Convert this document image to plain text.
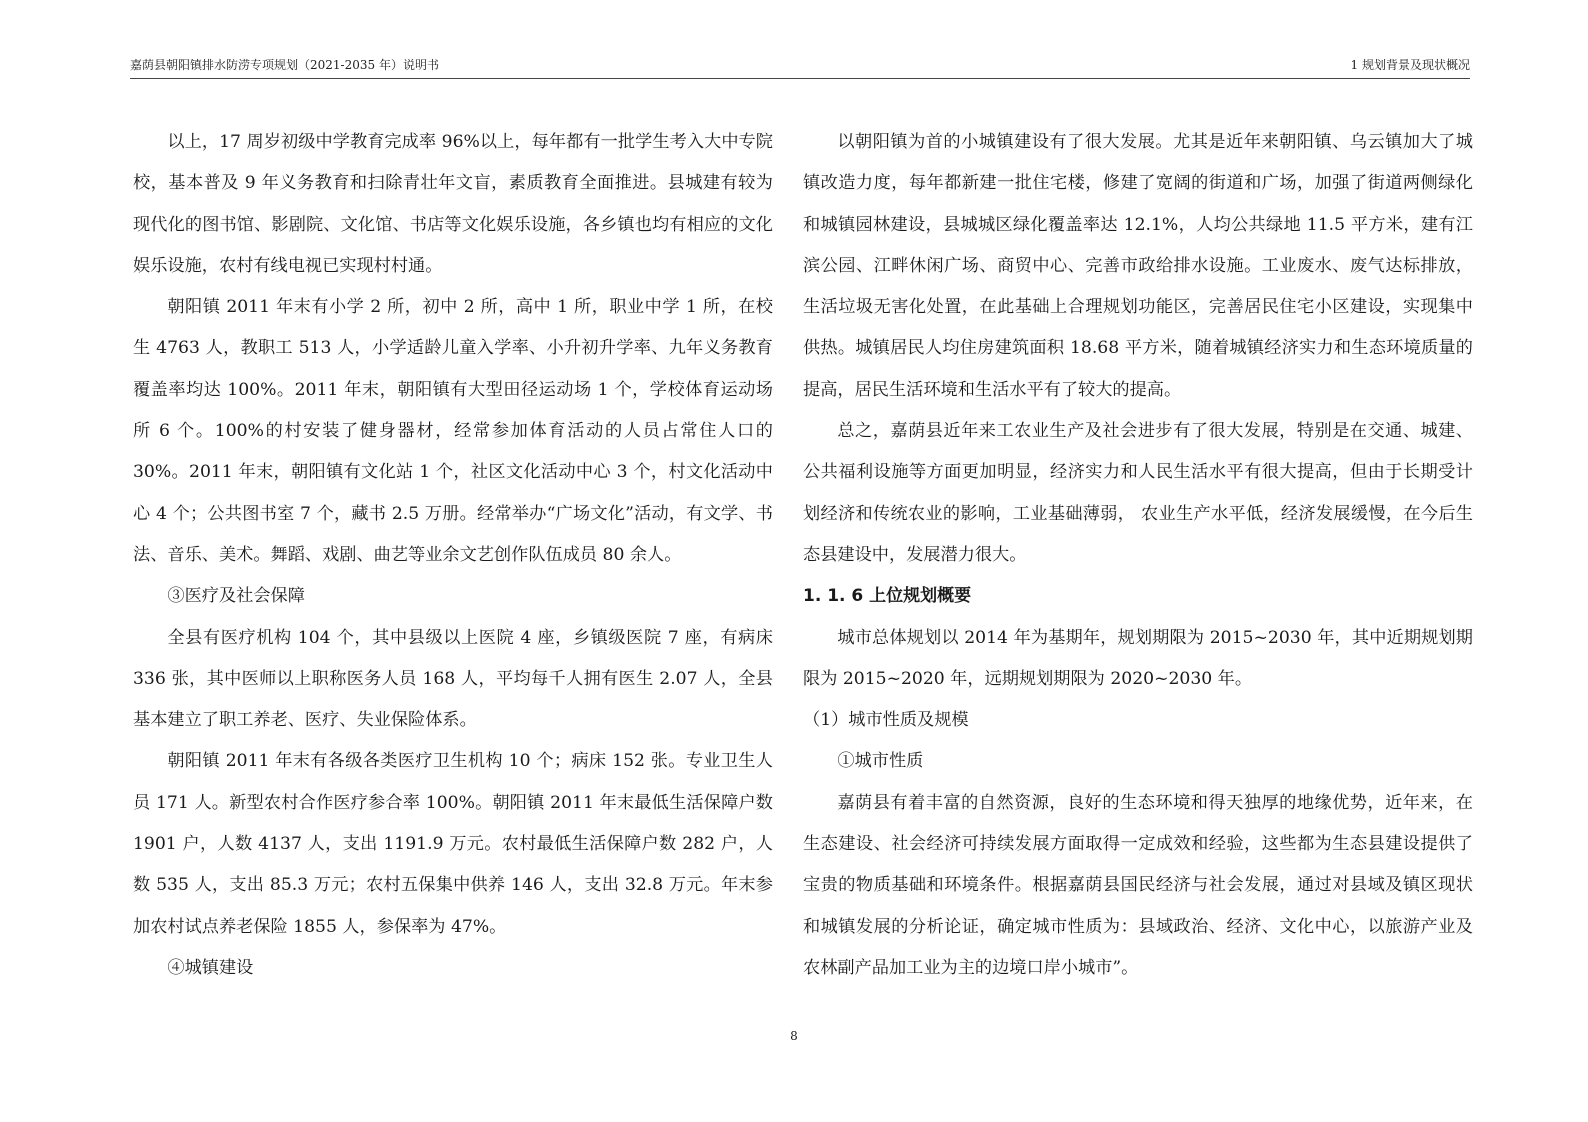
嘉荫县朝阳镇排水防涝专项规划（2021-2035 年）说明书	1 规划背景及现状概况

以上，17 周岁初级中学教育完成率 96%以上，每年都有一批学生考入大中专院校，基本普及 9 年义务教育和扫除青壮年文盲，素质教育全面推进。县城建有较为现代化的图书馆、影剧院、文化馆、书店等文化娱乐设施，各乡镇也均有相应的文化娱乐设施，农村有线电视已实现村村通。

朝阳镇 2011 年末有小学 2 所，初中 2 所，高中 1 所，职业中学 1 所，在校生 4763 人，教职工 513 人，小学适龄儿童入学率、小升初升学率、九年义务教育覆盖率均达 100%。2011 年末，朝阳镇有大型田径运动场 1 个，学校体育运动场所 6 个。100%的村安装了健身器材，经常参加体育活动的人员占常住人口的 30%。2011 年末，朝阳镇有文化站 1 个，社区文化活动中心 3 个，村文化活动中心 4 个；公共图书室 7 个，藏书 2.5 万册。经常举办“广场文化”活动，有文学、书法、音乐、美术。舞蹈、戏剧、曲艺等业余文艺创作队伍成员 80 余人。

③医疗及社会保障

全县有医疗机构 104 个，其中县级以上医院 4 座，乡镇级医院 7 座，有病床 336 张，其中医师以上职称医务人员 168 人，平均每千人拥有医生 2.07 人，全县基本建立了职工养老、医疗、失业保险体系。

朝阳镇 2011 年末有各级各类医疗卫生机构 10 个；病床 152 张。专业卫生人员 171 人。新型农村合作医疗参合率 100%。朝阳镇 2011 年末最低生活保障户数 1901 户，人数 4137 人，支出 1191.9 万元。农村最低生活保障户数 282 户，人数 535 人，支出 85.3 万元；农村五保集中供养 146 人，支出 32.8 万元。年末参加农村试点养老保险 1855 人，参保率为 47%。

④城镇建设

以朝阳镇为首的小城镇建设有了很大发展。尤其是近年来朝阳镇、乌云镇加大了城镇改造力度，每年都新建一批住宅楼，修建了宽阔的街道和广场，加强了街道两侧绿化和城镇园林建设，县城城区绿化覆盖率达 12.1%，人均公共绿地 11.5 平方米，建有江滨公园、江畔休闲广场、商贸中心、完善市政给排水设施。工业废水、废气达标排放，生活垃圾无害化处置，在此基础上合理规划功能区，完善居民住宅小区建设，实现集中供热。城镇居民人均住房建筑面积 18.68 平方米，随着城镇经济实力和生态环境质量的提高，居民生活环境和生活水平有了较大的提高。

总之，嘉荫县近年来工农业生产及社会进步有了很大发展，特别是在交通、城建、公共福利设施等方面更加明显，经济实力和人民生活水平有很大提高，但由于长期受计划经济和传统农业的影响，工业基础薄弱， 农业生产水平低，经济发展缓慢，在今后生态县建设中，发展潜力很大。

1. 1. 6 上位规划概要

城市总体规划以 2014 年为基期年，规划期限为 2015~2030 年，其中近期规划期限为 2015~2020 年，远期规划期限为 2020~2030 年。

（1）城市性质及规模

①城市性质

嘉荫县有着丰富的自然资源，良好的生态环境和得天独厚的地缘优势，近年来，在生态建设、社会经济可持续发展方面取得一定成效和经验，这些都为生态县建设提供了宝贵的物质基础和环境条件。根据嘉荫县国民经济与社会发展，通过对县域及镇区现状和城镇发展的分析论证，确定城市性质为：县域政治、经济、文化中心，以旅游产业及农林副产品加工业为主的边境口岸小城市”。

8
